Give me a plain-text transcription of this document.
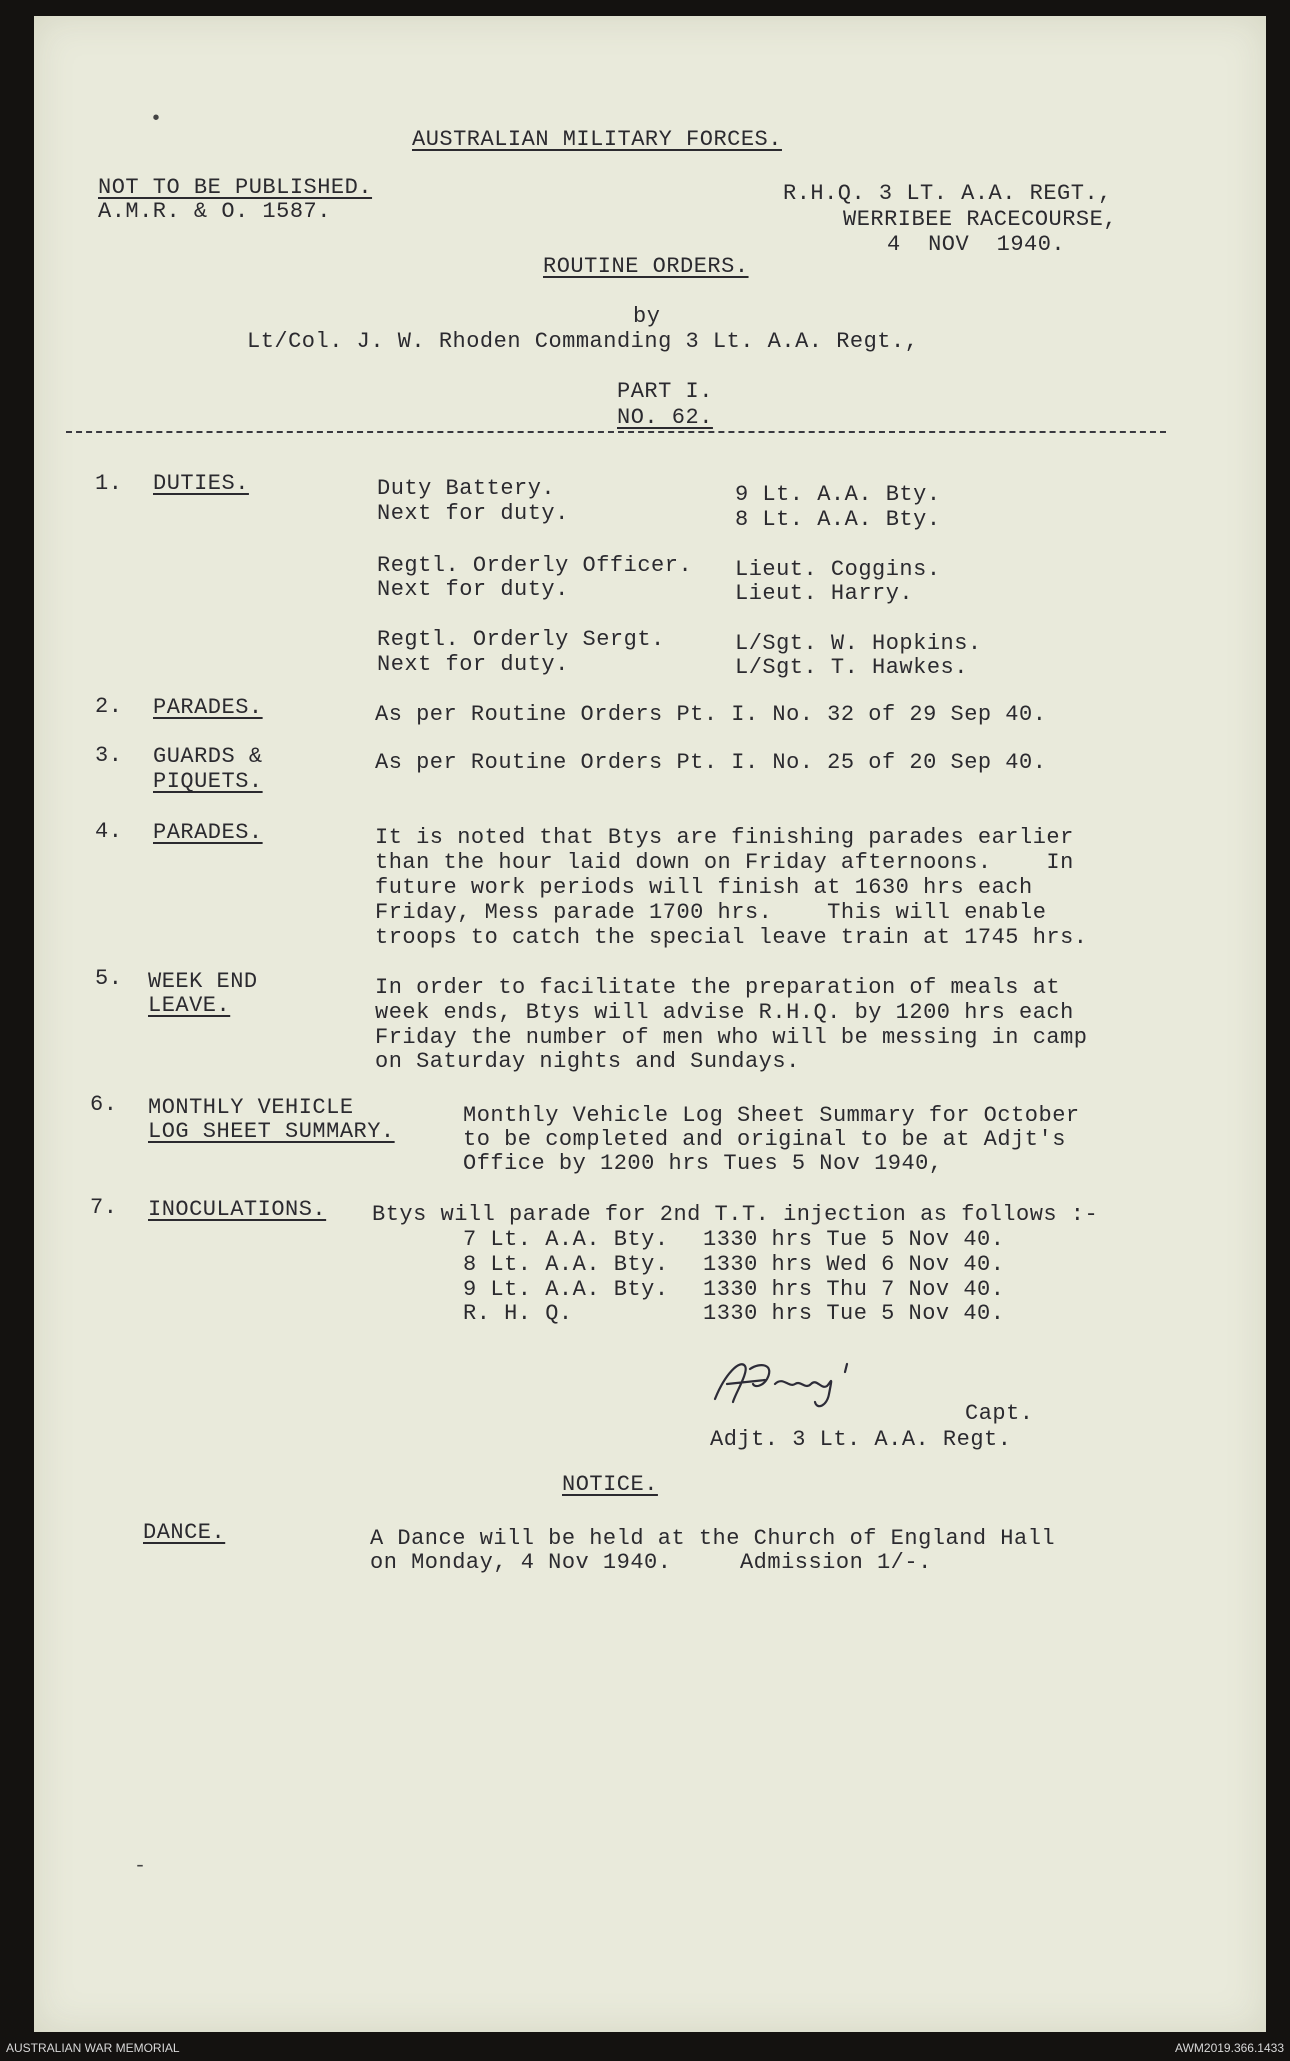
AUSTRALIAN MILITARY FORCES.
NOT TO BE PUBLISHED.
A.M.R. & O. 1587.
R.H.Q. 3 LT. A.A. REGT.,
WERRIBEE RACECOURSE,
4  NOV  1940.
ROUTINE ORDERS.
by
Lt/Col. J. W. Rhoden Commanding 3 Lt. A.A. Regt.,
PART I.
NO. 62.
1. DUTIES.	Duty Battery.	9 Lt. A.A. Bty.
Next for duty.	8 Lt. A.A. Bty.
Regtl. Orderly Officer. Lieut. Coggins.
Next for duty.	Lieut. Harry.
Regtl. Orderly Sergt.	L/Sgt. W. Hopkins.
Next for duty.	L/Sgt. T. Hawkes.
2. PARADES.	As per Routine Orders Pt. I. No. 32 of 29 Sep 40.
3. GUARDS &
PIQUETS.
As per Routine Orders Pt. I. No. 25 of 20 Sep 40.
4. PARADES.	It is noted that Btys are finishing parades earlier
than the hour laid down on Friday afternoons.    In
future work periods will finish at 1630 hrs each
Friday, Mess parade 1700 hrs.    This will enable
troops to catch the special leave train at 1745 hrs.
5. WEEK END
LEAVE.
In order to facilitate the preparation of meals at
week ends, Btys will advise R.H.Q. by 1200 hrs each
Friday the number of men who will be messing in camp
on Saturday nights and Sundays.
6. MONTHLY VEHICLE
LOG SHEET SUMMARY.
Monthly Vehicle Log Sheet Summary for October
to be completed and original to be at Adjt's
Office by 1200 hrs Tues 5 Nov 1940,
7. INOCULATIONS. Btys will parade for 2nd T.T. injection as follows :-
7 Lt. A.A. Bty. 1330 hrs Tue 5 Nov 40.
8 Lt. A.A. Bty. 1330 hrs Wed 6 Nov 40.
9 Lt. A.A. Bty. 1330 hrs Thu 7 Nov 40.
R. H. Q.	1330 hrs Tue 5 Nov 40.
Capt.
Adjt. 3 Lt. A.A. Regt.
NOTICE.
DANCE.	A Dance will be held at the Church of England Hall
on Monday, 4 Nov 1940.     Admission 1/-.
•
-
AUSTRALIAN WAR MEMORIAL	AWM2019.366.1433
